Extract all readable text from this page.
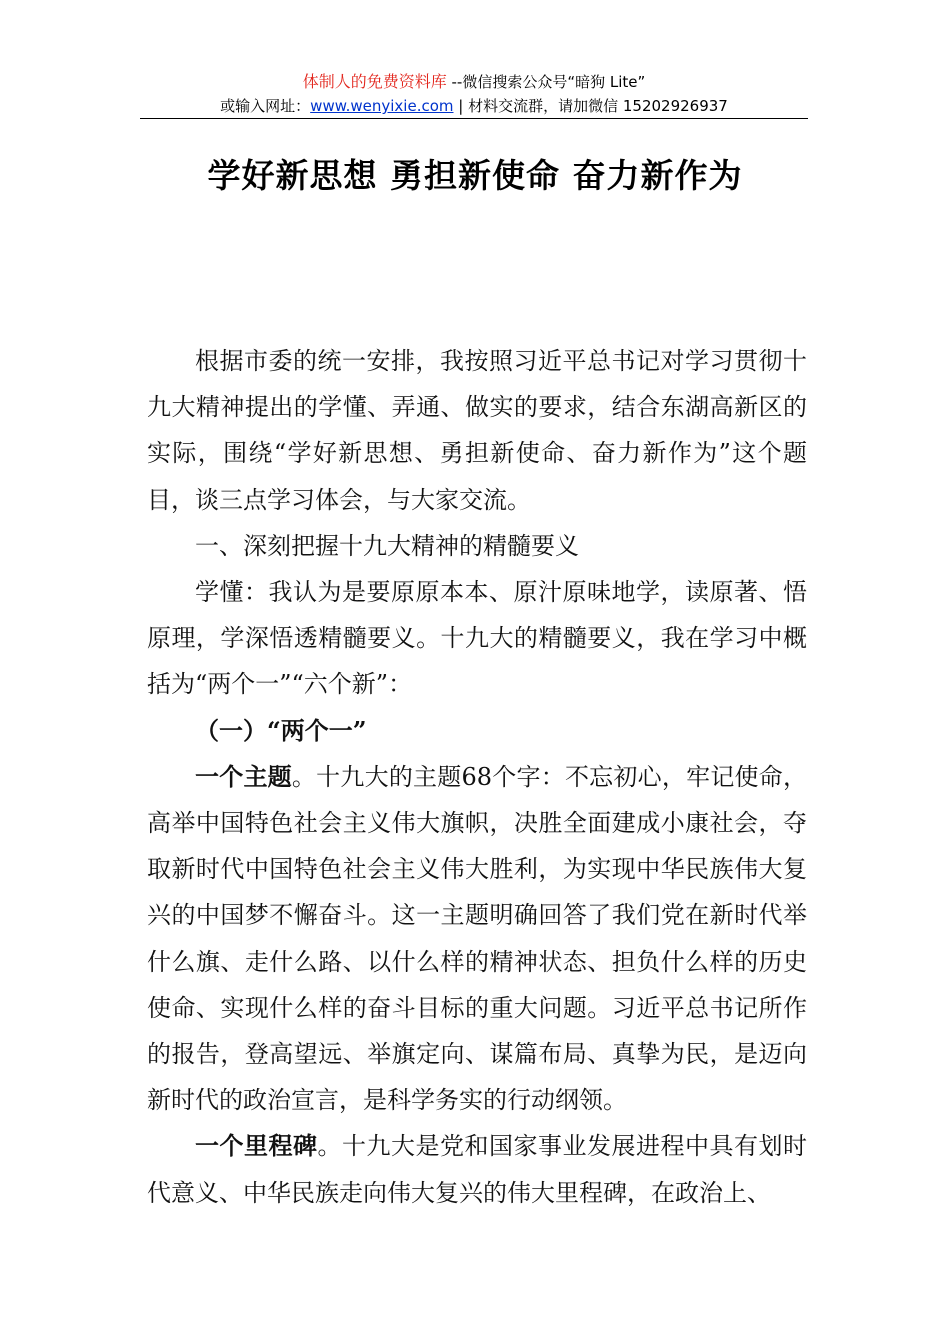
体制人的免费资料库 --微信搜索公众号“暗狗 Lite”
或输入网址：www.wenyixie.com | 材料交流群，请加微信 15202926937
学好新思想 勇担新使命 奋力新作为

根据市委的统一安排，我按照习近平总书记对学习贯彻十九大精神提出的学懂、弄通、做实的要求，结合东湖高新区的实际，围绕“学好新思想、勇担新使命、奋力新作为”这个题目，谈三点学习体会，与大家交流。

一、深刻把握十九大精神的精髓要义

学懂：我认为是要原原本本、原汁原味地学，读原著、悟原理，学深悟透精髓要义。十九大的精髓要义，我在学习中概括为“两个一”“六个新”：

（一）“两个一”

一个主题。十九大的主题68个字：不忘初心，牢记使命，高举中国特色社会主义伟大旗帜，决胜全面建成小康社会，夺取新时代中国特色社会主义伟大胜利，为实现中华民族伟大复兴的中国梦不懈奋斗。这一主题明确回答了我们党在新时代举什么旗、走什么路、以什么样的精神状态、担负什么样的历史使命、实现什么样的奋斗目标的重大问题。习近平总书记所作的报告，登高望远、举旗定向、谋篇布局、真挚为民，是迈向新时代的政治宣言，是科学务实的行动纲领。

一个里程碑。十九大是党和国家事业发展进程中具有划时代意义、中华民族走向伟大复兴的伟大里程碑，在政治上、
